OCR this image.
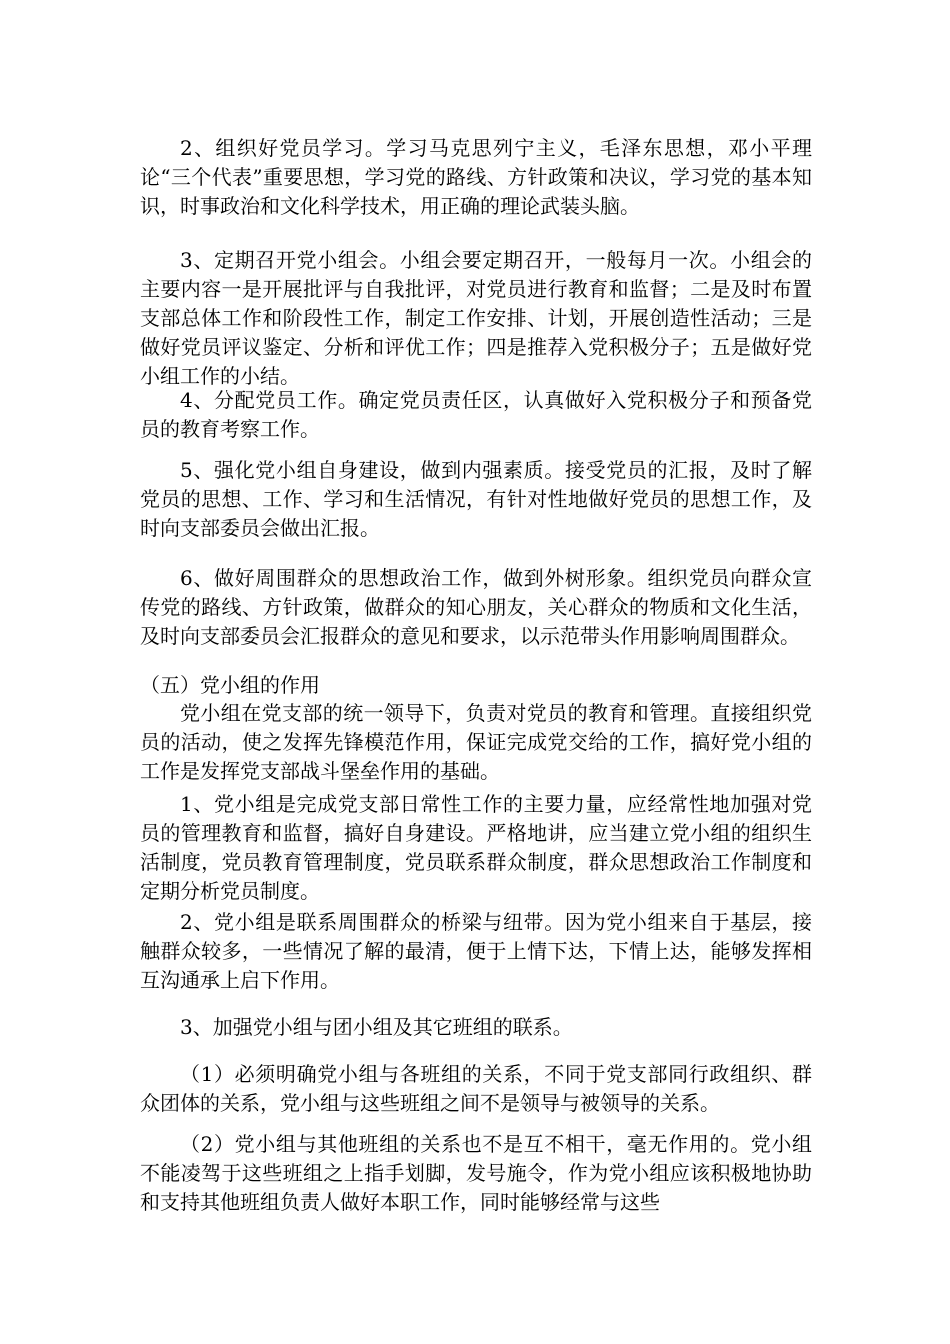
2、组织好党员学习。学习马克思列宁主义，毛泽东思想，邓小平理论“三个代表”重要思想，学习党的路线、方针政策和决议，学习党的基本知识，时事政治和文化科学技术，用正确的理论武装头脑。

3、定期召开党小组会。小组会要定期召开，一般每月一次。小组会的主要内容一是开展批评与自我批评，对党员进行教育和监督；二是及时布置支部总体工作和阶段性工作，制定工作安排、计划，开展创造性活动；三是做好党员评议鉴定、分析和评优工作；四是推荐入党积极分子；五是做好党小组工作的小结。

4、分配党员工作。确定党员责任区，认真做好入党积极分子和预备党员的教育考察工作。

5、强化党小组自身建设，做到内强素质。接受党员的汇报，及时了解党员的思想、工作、学习和生活情况，有针对性地做好党员的思想工作，及时向支部委员会做出汇报。

6、做好周围群众的思想政治工作，做到外树形象。组织党员向群众宣传党的路线、方针政策，做群众的知心朋友，关心群众的物质和文化生活，及时向支部委员会汇报群众的意见和要求，以示范带头作用影响周围群众。

（五）党小组的作用

党小组在党支部的统一领导下，负责对党员的教育和管理。直接组织党员的活动，使之发挥先锋模范作用，保证完成党交给的工作，搞好党小组的工作是发挥党支部战斗堡垒作用的基础。

1、党小组是完成党支部日常性工作的主要力量，应经常性地加强对党员的管理教育和监督，搞好自身建设。严格地讲，应当建立党小组的组织生活制度，党员教育管理制度，党员联系群众制度，群众思想政治工作制度和定期分析党员制度。

2、党小组是联系周围群众的桥梁与纽带。因为党小组来自于基层，接触群众较多，一些情况了解的最清，便于上情下达，下情上达，能够发挥相互沟通承上启下作用。

3、加强党小组与团小组及其它班组的联系。

（1）必须明确党小组与各班组的关系，不同于党支部同行政组织、群众团体的关系，党小组与这些班组之间不是领导与被领导的关系。

（2）党小组与其他班组的关系也不是互不相干，毫无作用的。党小组不能凌驾于这些班组之上指手划脚，发号施令，作为党小组应该积极地协助和支持其他班组负责人做好本职工作，同时能够经常与这些
